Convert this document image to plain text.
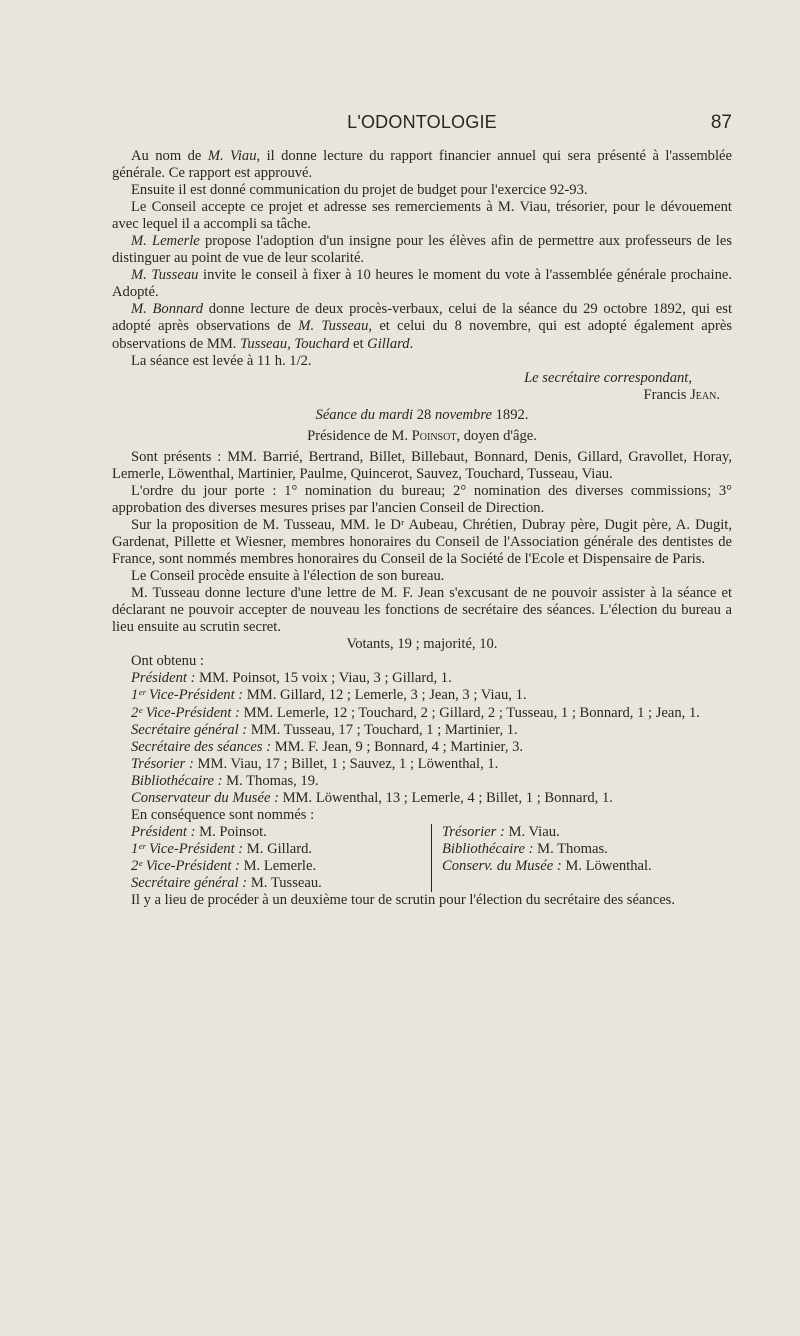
L'ODONTOLOGIE	87

Au nom de M. Viau, il donne lecture du rapport financier annuel qui sera présenté à l'assemblée générale. Ce rapport est approuvé.

Ensuite il est donné communication du projet de budget pour l'exercice 92-93.

Le Conseil accepte ce projet et adresse ses remerciements à M. Viau, trésorier, pour le dévouement avec lequel il a accompli sa tâche.

M. Lemerle propose l'adoption d'un insigne pour les élèves afin de permettre aux professeurs de les distinguer au point de vue de leur scolarité.

M. Tusseau invite le conseil à fixer à 10 heures le moment du vote à l'assemblée générale prochaine. Adopté.

M. Bonnard donne lecture de deux procès-verbaux, celui de la séance du 29 octobre 1892, qui est adopté après observations de M. Tusseau, et celui du 8 novembre, qui est adopté également après observations de MM. Tusseau, Touchard et Gillard.

La séance est levée à 11 h. 1/2.

Le secrétaire correspondant,
Francis Jean.

Séance du mardi 28 novembre 1892.

Présidence de M. Poinsot, doyen d'âge.

Sont présents : MM. Barrié, Bertrand, Billet, Billebaut, Bonnard, Denis, Gillard, Gravollet, Horay, Lemerle, Löwenthal, Martinier, Paulme, Quincerot, Sauvez, Touchard, Tusseau, Viau.

L'ordre du jour porte : 1° nomination du bureau; 2° nomination des diverses commissions; 3° approbation des diverses mesures prises par l'ancien Conseil de Direction.

Sur la proposition de M. Tusseau, MM. le Dʳ Aubeau, Chrétien, Dubray père, Dugit père, A. Dugit, Gardenat, Pillette et Wiesner, membres honoraires du Conseil de l'Association générale des dentistes de France, sont nommés membres honoraires du Conseil de la Société de l'Ecole et Dispensaire de Paris.

Le Conseil procède ensuite à l'élection de son bureau.

M. Tusseau donne lecture d'une lettre de M. F. Jean s'excusant de ne pouvoir assister à la séance et déclarant ne pouvoir accepter de nouveau les fonctions de secrétaire des séances. L'élection du bureau a lieu ensuite au scrutin secret.

Votants, 19 ; majorité, 10.

Ont obtenu :

Président : MM. Poinsot, 15 voix ; Viau, 3 ; Gillard, 1.

1ᵉʳ Vice-Président : MM. Gillard, 12 ; Lemerle, 3 ; Jean, 3 ; Viau, 1.

2ᵉ Vice-Président : MM. Lemerle, 12 ; Touchard, 2 ; Gillard, 2 ; Tusseau, 1 ; Bonnard, 1 ; Jean, 1.

Secrétaire général : MM. Tusseau, 17 ; Touchard, 1 ; Martinier, 1.

Secrétaire des séances : MM. F. Jean, 9 ; Bonnard, 4 ; Martinier, 3.

Trésorier : MM. Viau, 17 ; Billet, 1 ; Sauvez, 1 ; Löwenthal, 1.

Bibliothécaire : M. Thomas, 19.

Conservateur du Musée : MM. Löwenthal, 13 ; Lemerle, 4 ; Billet, 1 ; Bonnard, 1.

En conséquence sont nommés :

Président : M. Poinsot.
1ᵉʳ Vice-Président : M. Gillard.
2ᵉ Vice-Président : M. Lemerle.
Secrétaire général : M. Tusseau.
Trésorier : M. Viau.
Bibliothécaire : M. Thomas.
Conserv. du Musée : M. Löwenthal.

Il y a lieu de procéder à un deuxième tour de scrutin pour l'élection du secrétaire des séances.
